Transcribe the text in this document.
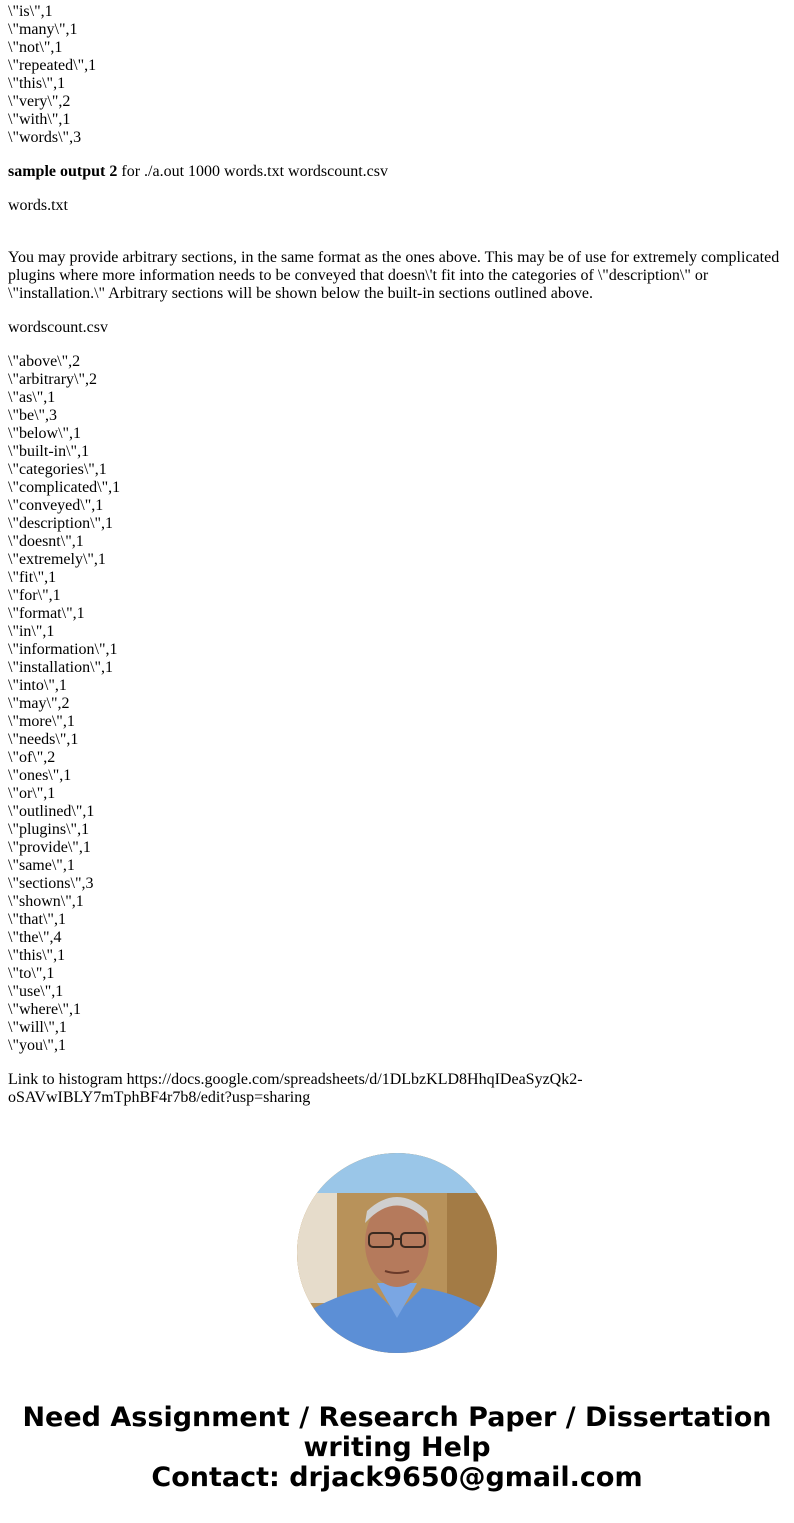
\"is\",1
\"many\",1
\"not\",1
\"repeated\",1
\"this\",1
\"very\",2
\"with\",1
\"words\",3
sample output 2 for ./a.out 1000 words.txt wordscount.csv
words.txt
You may provide arbitrary sections, in the same format as the ones above. This may be of use for extremely complicated plugins where more information needs to be conveyed that doesn\'t fit into the categories of \"description\" or \"installation.\" Arbitrary sections will be shown below the built-in sections outlined above.
wordscount.csv
\"above\",2
\"arbitrary\",2
\"as\",1
\"be\",3
\"below\",1
\"built-in\",1
\"categories\",1
\"complicated\",1
\"conveyed\",1
\"description\",1
\"doesnt\",1
\"extremely\",1
\"fit\",1
\"for\",1
\"format\",1
\"in\",1
\"information\",1
\"installation\",1
\"into\",1
\"may\",2
\"more\",1
\"needs\",1
\"of\",2
\"ones\",1
\"or\",1
\"outlined\",1
\"plugins\",1
\"provide\",1
\"same\",1
\"sections\",3
\"shown\",1
\"that\",1
\"the\",4
\"this\",1
\"to\",1
\"use\",1
\"where\",1
\"will\",1
\"you\",1
Link to histogram https://docs.google.com/spreadsheets/d/1DLbzKLD8HhqIDeaSyzQk2-oSAVwIBLY7mTphBF4r7b8/edit?usp=sharing
Need Assignment / Research Paper / Dissertation writing Help
Contact: drjack9650@gmail.com
